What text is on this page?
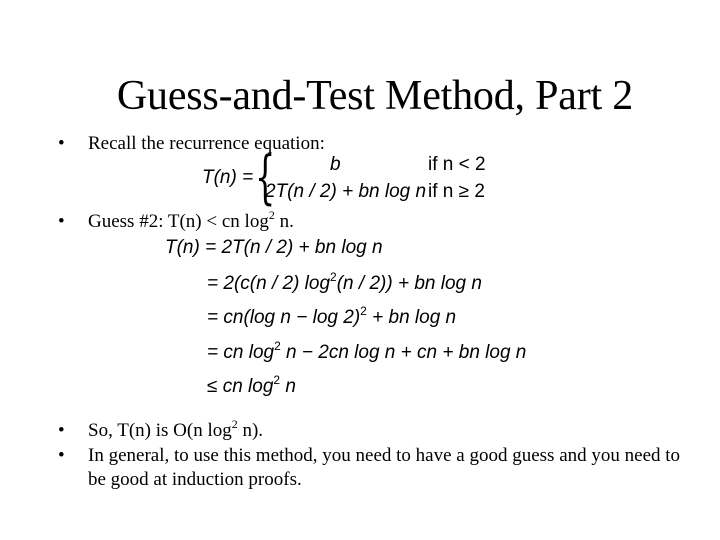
Guess-and-Test Method, Part 2
•	Recall the recurrence equation:
T(n) = {	b	if n < 2
2T(n / 2) + bn log n if n ≥ 2
•	Guess #2: T(n) < cn $\log^2 n$.
T(n) = 2T(n / 2) + bn log n
= 2(c(n / 2) $\log^2(n / 2)$) + bn log n
= cn(log n − log 2)$^2$ + bn log n
= cn $\log^2 n - 2cn$ log n + cn + bn log n
≤ cn $\log^2 n$
•	So, T(n) is O(n $\log^2 n$).
•	In general, to use this method, you need to have a good guess and you need to be good at induction proofs.
